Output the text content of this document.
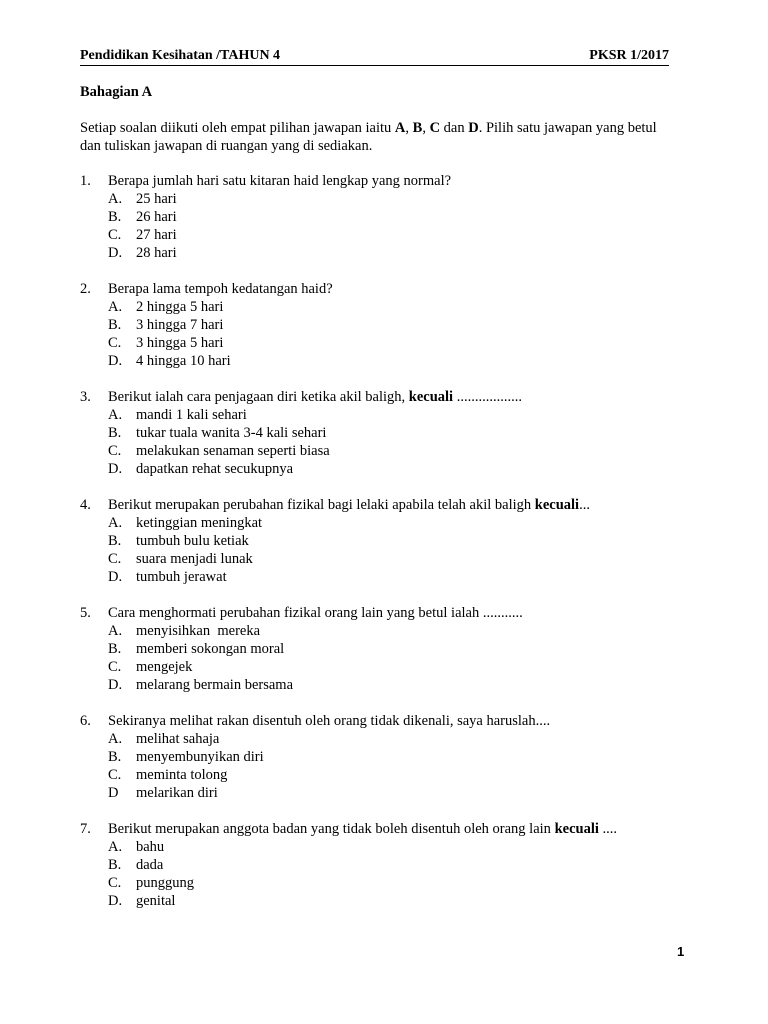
Pendidikan Kesihatan /TAHUN 4	PKSR 1/2017
Bahagian A
Setiap soalan diikuti oleh empat pilihan jawapan iaitu A, B, C dan D. Pilih satu jawapan yang betul
dan tuliskan jawapan di ruangan yang di sediakan.
1. Berapa jumlah hari satu kitaran haid lengkap yang normal?
A. 25 hari
B. 26 hari
C. 27 hari
D. 28 hari
2. Berapa lama tempoh kedatangan haid?
A. 2 hingga 5 hari
B. 3 hingga 7 hari
C. 3 hingga 5 hari
D. 4 hingga 10 hari
3. Berikut ialah cara penjagaan diri ketika akil baligh, kecuali ..................
A. mandi 1 kali sehari
B. tukar tuala wanita 3-4 kali sehari
C. melakukan senaman seperti biasa
D. dapatkan rehat secukupnya
4. Berikut merupakan perubahan fizikal bagi lelaki apabila telah akil baligh kecuali...
A. ketinggian meningkat
B. tumbuh bulu ketiak
C. suara menjadi lunak
D. tumbuh jerawat
5. Cara menghormati perubahan fizikal orang lain yang betul ialah ...........
A. menyisihkan  mereka
B. memberi sokongan moral
C. mengejek
D. melarang bermain bersama
6. Sekiranya melihat rakan disentuh oleh orang tidak dikenali, saya haruslah....
A. melihat sahaja
B. menyembunyikan diri
C. meminta tolong
D melarikan diri
7. Berikut merupakan anggota badan yang tidak boleh disentuh oleh orang lain kecuali ....
A. bahu
B. dada
C. punggung
D. genital
1
